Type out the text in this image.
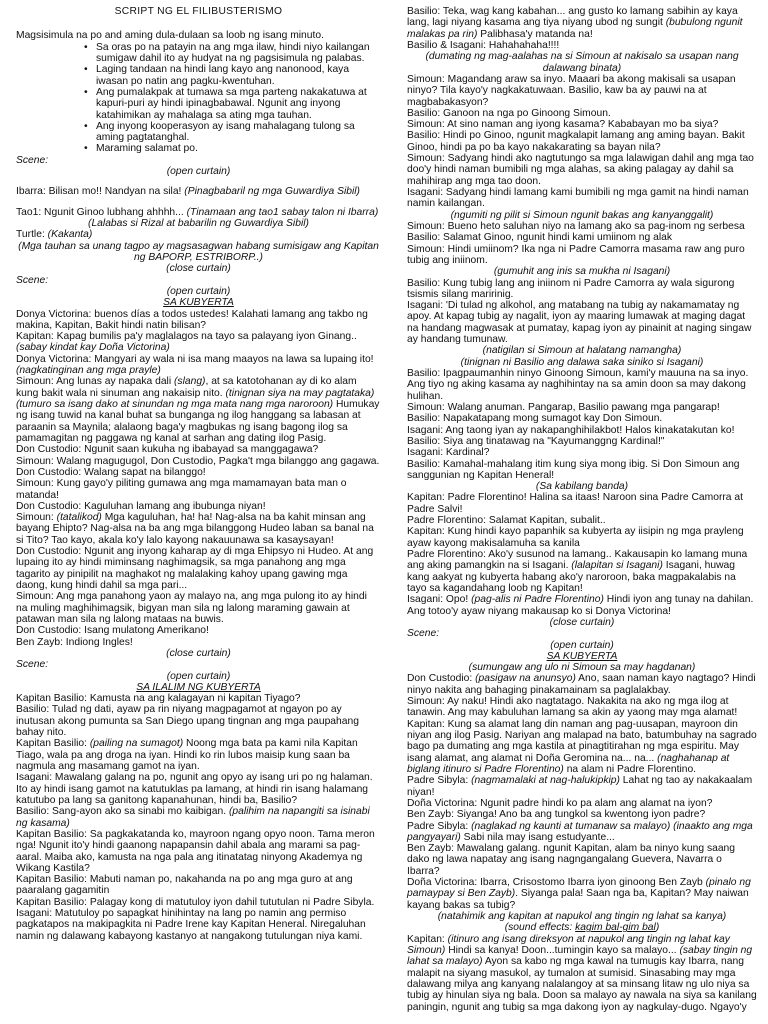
SCRIPT NG EL FILIBUSTERISMO
Magsisimula na po and aming dula-dulaan sa loob ng isang minuto.
• Sa oras po na patayin na ang mga ilaw, hindi niyo kailangan sumigaw dahil ito ay hudyat na ng pagsisimula ng palabas.
• Laging tandaan na hindi lang kayo ang nanonood, kaya iwasan po natin ang pagku-kwentuhan.
• Ang pumalakpak at tumawa sa mga parteng nakakatuwa at kapuri-puri ay hindi ipinagbabawal. Ngunit ang inyong katahimikan ay mahalaga sa ating mga tauhan.
• Ang inyong kooperasyon ay isang mahalagang tulong sa aming pagtatanghal.
• Maraming salamat po.
Scene:
(open curtain)
Ibarra: Bilisan mo!! Nandyan na sila! (Pinagbabaril ng mga Guwardiya Sibil)
Tao1: Ngunit Ginoo lubhang ahhhh... (Tinamaan ang tao1 sabay talon ni Ibarra)
(Lalabas si Rizal at babarilin ng Guwardiya Sibil)
Turtle: (Kakanta)
(Mga tauhan sa unang tagpo ay magsasagwan habang sumisigaw ang Kapitan ng BAPORP, ESTRIBORP..)
(close curtain)
Scene:
(open curtain)
SA KUBYERTA
Donya Victorina: buenos días a todos ustedes! Kalahati lamang ang takbo ng makina, Kapitan, Bakit hindi natin bilisan?
Kapitan: Kapag bumilis pa'y maglalagos na tayo sa palayang iyon Ginang.. (sabay kindat kay Doña Victorina)
Donya Victorina: Mangyari ay wala ni isa mang maayos na lawa sa lupaing ito! (nagkatinginan ang mga prayle)
Simoun: Ang lunas ay napaka dali (slang), at sa katotohanan ay di ko alam kung bakit wala ni sinuman ang nakaisip nito. (tinignan siya na may pagtataka) (tumuro sa isang dako at sinundan ng mga mata nang mga naroroon) Humukay ng isang tuwid na kanal buhat sa bunganga ng ilog hanggang sa labasan at paraanin sa Maynila; alalaong baga'y magbukas ng isang bagong ilog sa pamamagitan ng paggawa ng kanal at sarhan ang dating ilog Pasig.
Don Custodio: Ngunit saan kukuha ng ibabayad sa manggagawa?
Simoun: Walang magugugol, Don Custodio, Pagka't mga bilanggo ang gagawa.
Don Custodio: Walang sapat na bilanggo!
Simoun: Kung gayo'y piliting gumawa ang mga mamamayan bata man o matanda!
Don Custodio: Kaguluhan lamang ang ibubunga niyan!
Simoun: (tatalikod) Mga kaguluhan, ha! ha! Nag-alsa na ba kahit minsan ang bayang Ehipto? Nag-alsa na ba ang mga bilanggong Hudeo laban sa banal na si Tito? Tao kayo, akala ko'y lalo kayong nakauunawa sa kasaysayan!
Don Custodio: Ngunit ang inyong kaharap ay di mga Ehipsyo ni Hudeo. At ang lupaing ito ay hindi miminsang naghimagsik, sa mga panahong ang mga tagarito ay pinipilit na maghakot ng malalaking kahoy upang gawing mga daong, kung hindi dahil sa mga pari...
Simoun: Ang mga panahong yaon ay malayo na, ang mga pulong ito ay hindi na muling maghihimagsik, bigyan man sila ng lalong maraming gawain at patawan man sila ng lalong mataas na buwis.
Don Custodio: Isang mulatong Amerikano!
Ben Zayb: Indiong Ingles!
(close curtain)
Scene:
(open curtain)
SA ILALIM NG KUBYERTA
Kapitan Basilio: Kamusta na ang kalagayan ni kapitan Tiyago?
Basilio: Tulad ng dati, ayaw pa rin niyang magpagamot at ngayon po ay inutusan akong pumunta sa San Diego upang tingnan ang mga paupahang bahay nito.
Kapitan Basilio: (pailing na sumagot) Noong mga bata pa kami nila Kapitan Tiago, wala pa ang droga na iyan. Hindi ko rin lubos maisip kung saan ba nagmula ang masamang gamot na iyan.
Isagani: Mawalang galang na po, ngunit ang opyo ay isang uri po ng halaman. Ito ay hindi isang gamot na katutuklas pa lamang, at hindi rin isang halamang katutubo pa lang sa ganitong kapanahunan, hindi ba, Basilio?
Basilio: Sang-ayon ako sa sinabi mo kaibigan. (palihim na napangiti sa isinabi ng kasama)
Kapitan Basilio: Sa pagkakatanda ko, mayroon ngang opyo noon. Tama meron nga! Ngunit ito'y hindi gaanong napapansin dahil abala ang marami sa pag-aaral. Maiba ako, kamusta na nga pala ang itinatatag ninyong Akademya ng Wikang Kastila?
Kapitan Basilio: Mabuti naman po, nakahanda na po ang mga guro at ang paaralang gagamitin
Kapitan Basilio: Palagay kong di matutuloy iyon dahil tututulan ni Padre Sibyla.
Isagani: Matutuloy po sapagkat hinihintay na lang po namin ang permiso pagkatapos na makipagkita ni Padre Irene kay Kapitan Heneral. Niregaluhan namin ng dalawang kabayong kastanyo at nangakong tutulungan niya kami.
Basilio: Teka, wag kang kabahan... ang gusto ko lamang sabihin ay kaya lang, lagi niyang kasama ang tiya niyang ubod ng sungit (bubulong ngunit malakas pa rin) Palibhasa'y matanda na!
Basilio & Isagani: Hahahahaha!!!!
(dumating ng mag-aalahas na si Simoun at nakisalo sa usapan nang dalawang binata)
Simoun: Magandang araw sa inyo. Maaari ba akong makisali sa usapan ninyo? Tila kayo'y nagkakatuwaan. Basilio, kaw ba ay pauwi na at magbabakasyon?
Basilio: Ganoon na nga po Ginoong Simoun.
Simoun: At sino naman ang iyong kasama? Kababayan mo ba siya?
Basilio: Hindi po Ginoo, ngunit magkalapit lamang ang aming bayan. Bakit Ginoo, hindi pa po ba kayo nakakarating sa bayan nila?
Simoun: Sadyang hindi ako nagtutungo sa mga lalawigan dahil ang mga tao doo'y hindi naman bumibili ng mga alahas, sa aking palagay ay dahil sa mahihirap ang mga tao doon.
Isagani: Sadyang hindi lamang kami bumibili ng mga gamit na hindi naman namin kailangan.
(ngumiti ng pilit si Simoun ngunit bakas ang kanyanggalit)
Simoun: Bueno heto saluhan niyo na lamang ako sa pag-inom ng serbesa
Basilio: Salamat Ginoo, ngunit hindi kami umiinom ng alak
Simoun: Hindi umiinom? Ika nga ni Padre Camorra masama raw ang puro tubig ang iniinom.
(gumuhit ang inis sa mukha ni Isagani)
Basilio: Kung tubig lang ang iniinom ni Padre Camorra ay wala sigurong tsismis silang maririnig.
Isagani: 'Di tulad ng alkohol, ang matabang na tubig ay nakamamatay ng apoy. At kapag tubig ay nagalit, iyon ay maaring lumawak at maging dagat na handang magwasak at pumatay, kapag iyon ay pinainit at naging singaw ay handang tumunaw.
(natigilan si Simoun at halatang namangha)
(tinignan ni Basilio ang dalawa saka siniko si Isagani)
Basilio: Ipagpaumanhin ninyo Ginoong Simoun, kami'y mauuna na sa inyo. Ang tiyo ng aking kasama ay naghihintay na sa amin doon sa may dakong hulihan.
Simoun: Walang anuman. Pangarap, Basilio pawang mga pangarap!
Basilio: Napakatapang mong sumagot kay Don Simoun.
Isagani: Ang taong iyan ay nakapanghihilakbot! Halos kinakatakutan ko!
Basilio: Siya ang tinatawag na "Kayumanggng Kardinal!"
Isagani: Kardinal?
Basilio: Kamahal-mahalang itim kung siya mong ibig. Si Don Simoun ang sanggunian ng Kapitan Heneral!
(Sa kabilang banda)
Kapitan: Padre Florentino! Halina sa itaas! Naroon sina Padre Camorra at Padre Salvi!
Padre Florentino: Salamat Kapitan, subalit..
Kapitan: Kung hindi kayo papanhik sa kubyerta ay iisipin ng mga prayleng ayaw kayong makisalamuha sa kanila
Padre Florentino: Ako'y susunod na lamang.. Kakausapin ko lamang muna ang aking pamangkin na si Isagani. (lalapitan si Isagani) Isagani, huwag kang aakyat ng kubyerta habang ako'y naroroon, baka magpakalabis na tayo sa kagandahang loob ng Kapitan!
Isagani: Opo! (pag-alis ni Padre Florentino) Hindi iyon ang tunay na dahilan. Ang totoo'y ayaw niyang makausap ko si Donya Victorina!
(close curtain)
Scene:
(open curtain)
SA KUBYERTA
(sumungaw ang ulo ni Simoun sa may hagdanan)
Don Custodio: (pasigaw na anunsyo) Ano, saan naman kayo nagtago? Hindi ninyo nakita ang bahaging pinakamainam sa paglalakbay.
Simoun: Ay naku! Hindi ako nagtatago. Nakakita na ako ng mga ilog at tanawin. Ang may kabuluhan lamang sa akin ay yaong may mga alamat!
Kapitan: Kung sa alamat lang din naman ang pag-uusapan, mayroon din niyan ang ilog Pasig. Nariyan ang malapad na bato, batumbuhay na sagrado bago pa dumating ang mga kastila at pinagtitirahan ng mga espiritu. May isang alamat, ang alamat ni Doña Geromina na... na... (naghahanap at biglang itinuro si Padre Florentino) na alam ni Padre Florentino.
Padre Sibyla: (nagmamalaki at nag-halukipkip) Lahat ng tao ay nakakaalam niyan!
Doña Victorina: Ngunit padre hindi ko pa alam ang alamat na iyon?
Ben Zayb: Siyanga! Ano ba ang tungkol sa kwentong iyon padre?
Padre Sibyla: (naglakad ng kaunti at tumanaw sa malayo) (inaakto ang mga pangyayari) Sabi nila may isang estudyante...
Ben Zayb: Mawalang galang. ngunit Kapitan, alam ba ninyo kung saang dako ng lawa napatay ang isang nagngangalang Guevera, Navarra o Ibarra?
Doña Victorina: Ibarra, Crisostomo Ibarra iyon ginoong Ben Zayb (pinalo ng pamaypay si Ben Zayb). Siyanga pala! Saan nga ba, Kapitan? May naiwan kayang bakas sa tubig?
(natahimik ang kapitan at napukol ang tingin ng lahat sa kanya)
(sound effects: kagim bal-gim bal)
Kapitan: (itinuro ang isang direksyon at napukol ang tingin ng lahat kay Simoun) Hindi sa kanya! Doon...tumingin kayo sa malayo... (sabay tingin ng lahat sa malayo) Ayon sa kabo ng mga kawal na tumugis kay Ibarra, nang malapit na siyang masukol, ay tumalon at sumisid. Sinasabing may mga dalawang milya ang kanyang nalalangoy at sa minsang litaw ng ulo niya sa tubig ay hinulan siya ng bala. Doon sa malayo ay nawala na siya sa kanilang paningin, ngunit ang tubig sa mga dakong iyon ay nagkulay-dugo. Ngayo'y
